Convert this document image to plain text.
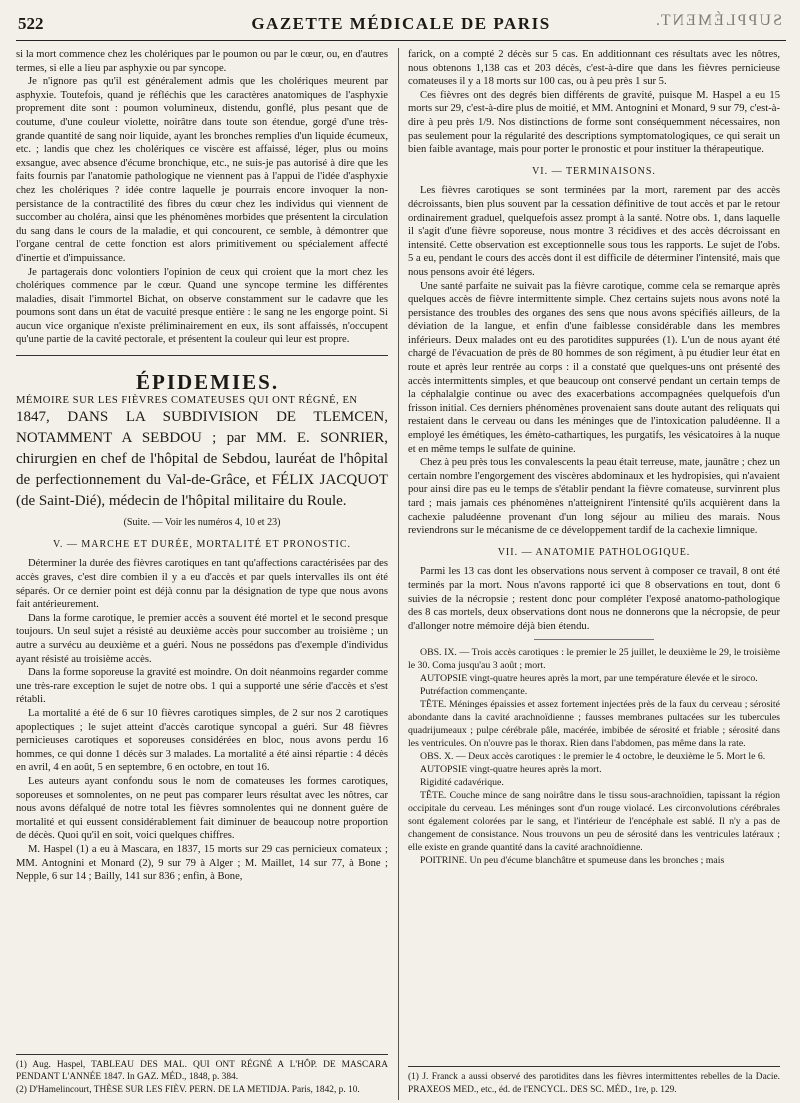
522	GAZETTE MÉDICALE DE PARIS	SUPPLÉMENT.

si la mort commence chez les cholériques par le poumon ou par le cœur, ou, en d'autres termes, si elle a lieu par asphyxie ou par syncope.

Je n'ignore pas qu'il est généralement admis que les cholériques meurent par asphyxie. Toutefois, quand je réfléchis que les caractères anatomiques de l'asphyxie proprement dite sont : poumon volumineux, distendu, gonflé, plus pesant que de coutume, d'une couleur violette, noirâtre dans toute son étendue, gorgé d'une très-grande quantité de sang noir liquide, ayant les bronches remplies d'un liquide écumeux, etc. ; landis que chez les cholériques ce viscère est affaissé, léger, plus ou moins exsangue, avec absence d'écume bronchique, etc., ne suis-je pas autorisé à dire que les faits fournis par l'anatomie pathologique ne viennent pas à l'appui de l'idée d'asphyxie chez les cholériques ? idée contre laquelle je pourrais encore invoquer la non-persistance de la contractilité des fibres du cœur chez les individus qui viennent de succomber au choléra, ainsi que les phénomènes morbides que présentent la circulation du sang dans le cours de la maladie, et qui concourent, ce semble, à démontrer que l'organe central de cette fonction est alors primitivement ou spécialement affecté d'inertie et d'impuissance.

Je partagerais donc volontiers l'opinion de ceux qui croient que la mort chez les cholériques commence par le cœur. Quand une syncope termine les différentes maladies, disait l'immortel Bichat, on observe constamment sur le cadavre que les poumons sont dans un état de vacuité presque entière : le sang ne les engorge point. Si aucun vice organique n'existe préliminairement en eux, ils sont affaissés, n'occupent qu'une partie de la cavité pectorale, et présentent la couleur qui leur est propre.

ÉPIDEMIES.

MÉMOIRE SUR LES FIÈVRES COMATEUSES QUI ONT RÉGNÉ, EN

1847, DANS LA SUBDIVISION DE TLEMCEN, NOTAMMENT A SEBDOU ; par MM. E. SONRIER, chirurgien en chef de l'hôpital de Sebdou, lauréat de l'hôpital de perfectionnement du Val-de-Grâce, et FÉLIX JACQUOT (de Saint-Dié), médecin de l'hôpital militaire du Roule.

(Suite. — Voir les numéros 4, 10 et 23)

V. — MARCHE ET DURÉE, MORTALITÉ ET PRONOSTIC.

Déterminer la durée des fièvres carotiques en tant qu'affections caractérisées par des accès graves, c'est dire combien il y a eu d'accès et par quels intervalles ils ont été séparés. Or ce dernier point est déjà connu par la désignation de type que nous avons fait antérieurement.

Dans la forme carotique, le premier accès a souvent été mortel et le second presque toujours. Un seul sujet a résisté au deuxième accès pour succomber au troisième ; un autre a survécu au deuxième et a guéri. Nous ne possédons pas d'exemple d'individus ayant résisté au troisième accès.

Dans la forme soporeuse la gravité est moindre. On doit néanmoins regarder comme une très-rare exception le sujet de notre obs. 1 qui a supporté une série d'accès et s'est rétabli.

La mortalité a été de 6 sur 10 fièvres carotiques simples, de 2 sur nos 2 carotiques apoplectiques ; le sujet atteint d'accès carotique syncopal a guéri. Sur 48 fièvres pernicieuses carotiques et soporeuses considérées en bloc, nous avons perdu 16 hommes, ce qui donne 1 décès sur 3 malades. La mortalité a été ainsi répartie : 4 décès en avril, 4 en août, 5 en septembre, 6 en octobre, en tout 16.

Les auteurs ayant confondu sous le nom de comateuses les formes carotiques, soporeuses et somnolentes, on ne peut pas comparer leurs résultat avec les nôtres, car nous avons défalqué de notre total les fièvres somnolentes qui ne donnent guère de mortalité et qui eussent considérablement fait diminuer de beaucoup notre proportion de décès. Quoi qu'il en soit, voici quelques chiffres.

M. Haspel (1) a eu à Mascara, en 1837, 15 morts sur 29 cas pernicieux comateux ; MM. Antognini et Monard (2), 9 sur 79 à Alger ; M. Maillet, 14 sur 77, à Bone ; Nepple, 6 sur 14 ; Bailly, 141 sur 836 ; enfin, à Bone,

(1) Aug. Haspel, TABLEAU DES MAL. QUI ONT RÉGNÉ A L'HÔP. DE MASCARA PENDANT L'ANNÉE 1847. In GAZ. MÉD., 1848, p. 384.

(2) D'Hamelincourt, THÈSE SUR LES FIÈV. PERN. DE LA METIDJA. Paris, 1842, p. 10.

farick, on a compté 2 décès sur 5 cas. En additionnant ces résultats avec les nôtres, nous obtenons 1,138 cas et 203 décès, c'est-à-dire que dans les fièvres pernicieuse comateuses il y a 18 morts sur 100 cas, ou à peu près 1 sur 5.

Ces fièvres ont des degrés bien différents de gravité, puisque M. Haspel a eu 15 morts sur 29, c'est-à-dire plus de moitié, et MM. Antognini et Monard, 9 sur 79, c'est-à-dire à peu près 1/9. Nos distinctions de forme sont conséquemment nécessaires, non pas seulement pour la régularité des descriptions symptomatologiques, ce qui serait un bien faible avantage, mais pour porter le pronostic et pour instituer la thérapeutique.

VI. — TERMINAISONS.

Les fièvres carotiques se sont terminées par la mort, rarement par des accès décroissants, bien plus souvent par la cessation définitive de tout accès et par le retour ordinairement graduel, quelquefois assez prompt à la santé. Notre obs. 1, dans laquelle il s'agit d'une fièvre soporeuse, nous montre 3 récidives et des accès décroissant en intensité. Cette observation est exceptionnelle sous tous les rapports. Le sujet de l'obs. 5 a eu, pendant le cours des accès dont il est difficile de déterminer l'intensité, mais que nous pensons avoir été légers.

Une santé parfaite ne suivait pas la fièvre carotique, comme cela se remarque après quelques accès de fièvre intermittente simple. Chez certains sujets nous avons noté la persistance des troubles des organes des sens que nous avons spécifiés ailleurs, de la déviation de la langue, et enfin d'une faiblesse considérable dans les membres inférieurs. Deux malades ont eu des parotidites suppurées (1). L'un de nous ayant été chargé de l'évacuation de près de 80 hommes de son régiment, à pu étudier leur état en route et après leur rentrée au corps : il a constaté que quelques-uns ont présenté des accès intermittents simples, et que beaucoup ont conservé pendant un certain temps de la céphalalgie continue ou avec des exacerbations accompagnées quelquefois d'un frisson initial. Ces derniers phénomènes provenaient sans doute autant des reliquats qui restaient dans le cerveau ou dans les méninges que de l'intoxication paludéenne. Il a employé les émétiques, les émèto-cathartiques, les purgatifs, les vésicatoires à la nuque et en même temps le sulfate de quinine.

Chez à peu près tous les convalescents la peau était terreuse, mate, jaunâtre ; chez un certain nombre l'engorgement des viscères abdominaux et les hydropisies, qui n'avaient pour ainsi dire pas eu le temps de s'établir pendant la fièvre comateuse, survinrent plus tard ; mais jamais ces phénomènes n'atteignirent l'intensité qu'ils acquièrent dans la cachexie paludéenne provenant d'un long séjour au milieu des marais. Nous reviendrons sur le mécanisme de ce développement tardif de la cachexie limnique.

VII. — ANATOMIE PATHOLOGIQUE.

Parmi les 13 cas dont les observations nous servent à composer ce travail, 8 ont été terminés par la mort. Nous n'avons rapporté ici que 8 observations en tout, dont 6 suivies de la nécropsie ; restent donc pour compléter l'exposé anatomo-pathologique des 8 cas mortels, deux observations dont nous ne donnerons que la nécropsie, de peur d'allonger notre mémoire déjà bien étendu.

OBS. IX. — Trois accès carotiques : le premier le 25 juillet, le deuxième le 29, le troisième le 30. Coma jusqu'au 3 août ; mort.

AUTOPSIE vingt-quatre heures après la mort, par une température élevée et le siroco.

Putréfaction commençante.

TÊTE. Méninges épaissies et assez fortement injectées près de la faux du cerveau ; sérosité abondante dans la cavité arachnoïdienne ; fausses membranes pultacées sur les tubercules quadrijumeaux ; pulpe cérébrale pâle, macérée, imbibée de sérosité et friable ; sérosité dans les ventricules. On n'ouvre pas le thorax. Rien dans l'abdomen, pas même dans la rate.

OBS. X. — Deux accès carotiques : le premier le 4 octobre, le deuxième le 5. Mort le 6.

AUTOPSIE vingt-quatre heures après la mort.

Rigidité cadavérique.

TÊTE. Couche mince de sang noirâtre dans le tissu sous-arachnoïdien, tapissant la région occipitale du cerveau. Les méninges sont d'un rouge violacé. Les circonvolutions cérébrales sont également colorées par le sang, et l'intérieur de l'encéphale est sablé. Il n'y a pas de changement de consistance. Nous trouvons un peu de sérosité dans les ventricules latéraux ; elle existe en grande quantité dans la cavité arachnoïdienne.

POITRINE. Un peu d'écume blanchâtre et spumeuse dans les bronches ; mais

(1) J. Franck a aussi observé des parotidites dans les fièvres intermittentes rebelles de la Dacie. PRAXEOS MED., etc., éd. de l'ENCYCL. DES SC. MÉD., 1re, p. 129.
